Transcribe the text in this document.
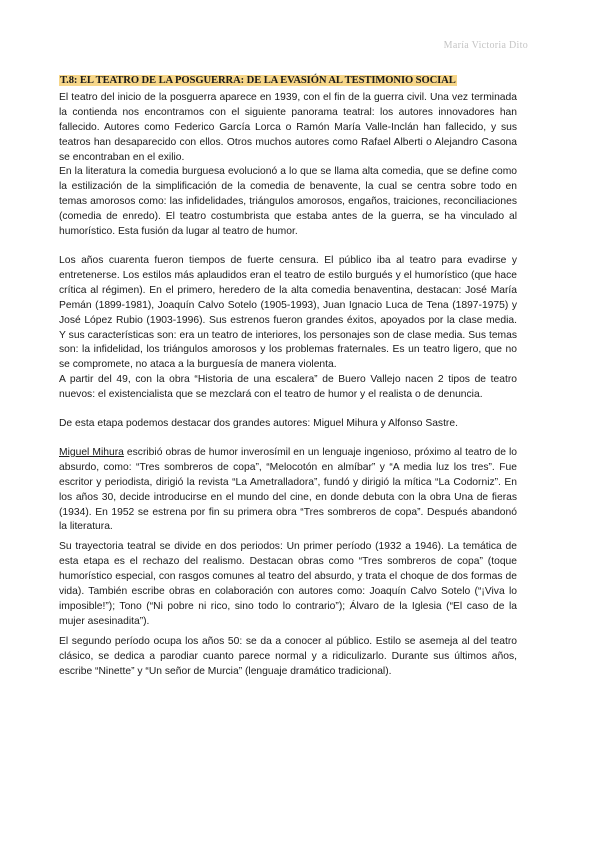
María Victoria Dito
T.8: EL TEATRO DE LA POSGUERRA: DE LA EVASIÓN AL TESTIMONIO SOCIAL

El teatro del inicio de la posguerra aparece en 1939, con el fin de la guerra civil. Una vez terminada la contienda nos encontramos con el siguiente panorama teatral: los autores innovadores han fallecido. Autores como Federico García Lorca o Ramón María Valle-Inclán han fallecido, y sus teatros han desaparecido con ellos. Otros muchos autores como Rafael Alberti o Alejandro Casona se encontraban en el exilio.

En la literatura la comedia burguesa evolucionó a lo que se llama alta comedia, que se define como la estilización de la simplificación de la comedia de benavente, la cual se centra sobre todo en temas amorosos como: las infidelidades, triángulos amorosos, engaños, traiciones, reconciliaciones (comedia de enredo). El teatro costumbrista que estaba antes de la guerra, se ha vinculado al humorístico. Esta fusión da lugar al teatro de humor.

Los años cuarenta fueron tiempos de fuerte censura. El público iba al teatro para evadirse y entretenerse. Los estilos más aplaudidos eran el teatro de estilo burgués y el humorístico (que hace crítica al régimen). En el primero, heredero de la alta comedia benaventina, destacan: José María Pemán (1899-1981), Joaquín Calvo Sotelo (1905-1993), Juan Ignacio Luca de Tena (1897-1975) y José López Rubio (1903-1996). Sus estrenos fueron grandes éxitos, apoyados por la clase media. Y sus características son: era un teatro de interiores, los personajes son de clase media. Sus temas son: la infidelidad, los triángulos amorosos y los problemas fraternales. Es un teatro ligero, que no se compromete, no ataca a la burguesía de manera violenta.

A partir del 49, con la obra “Historia de una escalera” de Buero Vallejo nacen 2 tipos de teatro nuevos: el existencialista que se mezclará con el teatro de humor y el realista o de denuncia.

De esta etapa podemos destacar dos grandes autores: Miguel Mihura y Alfonso Sastre.

Miguel Mihura escribió obras de humor inverosímil en un lenguaje ingenioso, próximo al teatro de lo absurdo, como: “Tres sombreros de copa”, “Melocotón en almíbar” y “A media luz los tres”. Fue escritor y periodista, dirigió la revista “La Ametralladora”, fundó y dirigió la mítica “La Codorniz”. En los años 30, decide introducirse en el mundo del cine, en donde debuta con la obra Una de fieras (1934). En 1952 se estrena por fin su primera obra “Tres sombreros de copa”. Después abandonó la literatura.

Su trayectoria teatral se divide en dos periodos: Un primer período (1932 a 1946). La temática de esta etapa es el rechazo del realismo. Destacan obras como “Tres sombreros de copa” (toque humorístico especial, con rasgos comunes al teatro del absurdo, y trata el choque de dos formas de vida). También escribe obras en colaboración con autores como: Joaquín Calvo Sotelo (“¡Viva lo imposible!”); Tono (“Ni pobre ni rico, sino todo lo contrario”); Álvaro de la Iglesia (“El caso de la mujer asesinadita”).

El segundo período ocupa los años 50: se da a conocer al público. Estilo se asemeja al del teatro clásico, se dedica a parodiar cuanto parece normal y a ridiculizarlo. Durante sus últimos años, escribe “Ninette” y “Un señor de Murcia” (lenguaje dramático tradicional).
